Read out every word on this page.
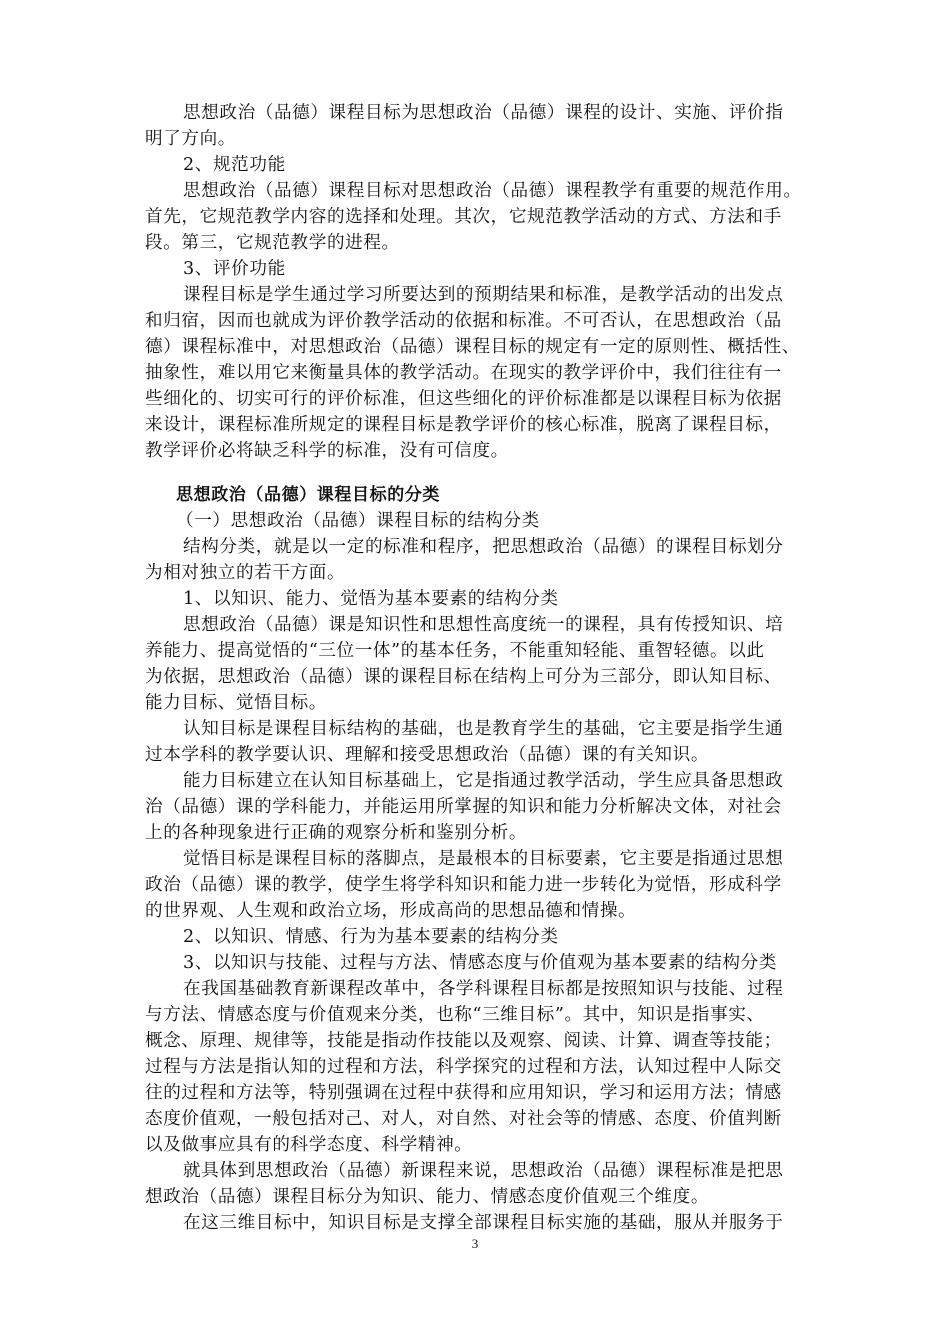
思想政治（品德）课程目标为思想政治（品德）课程的设计、实施、评价指
明了方向。
2、规范功能
思想政治（品德）课程目标对思想政治（品德）课程教学有重要的规范作用。
首先，它规范教学内容的选择和处理。其次，它规范教学活动的方式、方法和手
段。第三，它规范教学的进程。
3、评价功能
课程目标是学生通过学习所要达到的预期结果和标准，是教学活动的出发点
和归宿，因而也就成为评价教学活动的依据和标准。不可否认，在思想政治（品
德）课程标准中，对思想政治（品德）课程目标的规定有一定的原则性、概括性、
抽象性，难以用它来衡量具体的教学活动。在现实的教学评价中，我们往往有一
些细化的、切实可行的评价标准，但这些细化的评价标准都是以课程目标为依据
来设计，课程标准所规定的课程目标是教学评价的核心标准，脱离了课程目标，
教学评价必将缺乏科学的标准，没有可信度。
思想政治（品德）课程目标的分类
（一）思想政治（品德）课程目标的结构分类
结构分类，就是以一定的标准和程序，把思想政治（品德）的课程目标划分
为相对独立的若干方面。
1、以知识、能力、觉悟为基本要素的结构分类
思想政治（品德）课是知识性和思想性高度统一的课程，具有传授知识、培
养能力、提高觉悟的“三位一体”的基本任务，不能重知轻能、重智轻德。以此
为依据，思想政治（品德）课的课程目标在结构上可分为三部分，即认知目标、
能力目标、觉悟目标。
认知目标是课程目标结构的基础，也是教育学生的基础，它主要是指学生通
过本学科的教学要认识、理解和接受思想政治（品德）课的有关知识。
能力目标建立在认知目标基础上，它是指通过教学活动，学生应具备思想政
治（品德）课的学科能力，并能运用所掌握的知识和能力分析解决文体，对社会
上的各种现象进行正确的观察分析和鉴别分析。
觉悟目标是课程目标的落脚点，是最根本的目标要素，它主要是指通过思想
政治（品德）课的教学，使学生将学科知识和能力进一步转化为觉悟，形成科学
的世界观、人生观和政治立场，形成高尚的思想品德和情操。
2、以知识、情感、行为为基本要素的结构分类
3、以知识与技能、过程与方法、情感态度与价值观为基本要素的结构分类
在我国基础教育新课程改革中，各学科课程目标都是按照知识与技能、过程
与方法、情感态度与价值观来分类，也称“三维目标”。其中，知识是指事实、
概念、原理、规律等，技能是指动作技能以及观察、阅读、计算、调查等技能；
过程与方法是指认知的过程和方法，科学探究的过程和方法，认知过程中人际交
往的过程和方法等，特别强调在过程中获得和应用知识，学习和运用方法；情感
态度价值观，一般包括对己、对人，对自然、对社会等的情感、态度、价值判断
以及做事应具有的科学态度、科学精神。
就具体到思想政治（品德）新课程来说，思想政治（品德）课程标准是把思
想政治（品德）课程目标分为知识、能力、情感态度价值观三个维度。
在这三维目标中，知识目标是支撑全部课程目标实施的基础，服从并服务于
3
